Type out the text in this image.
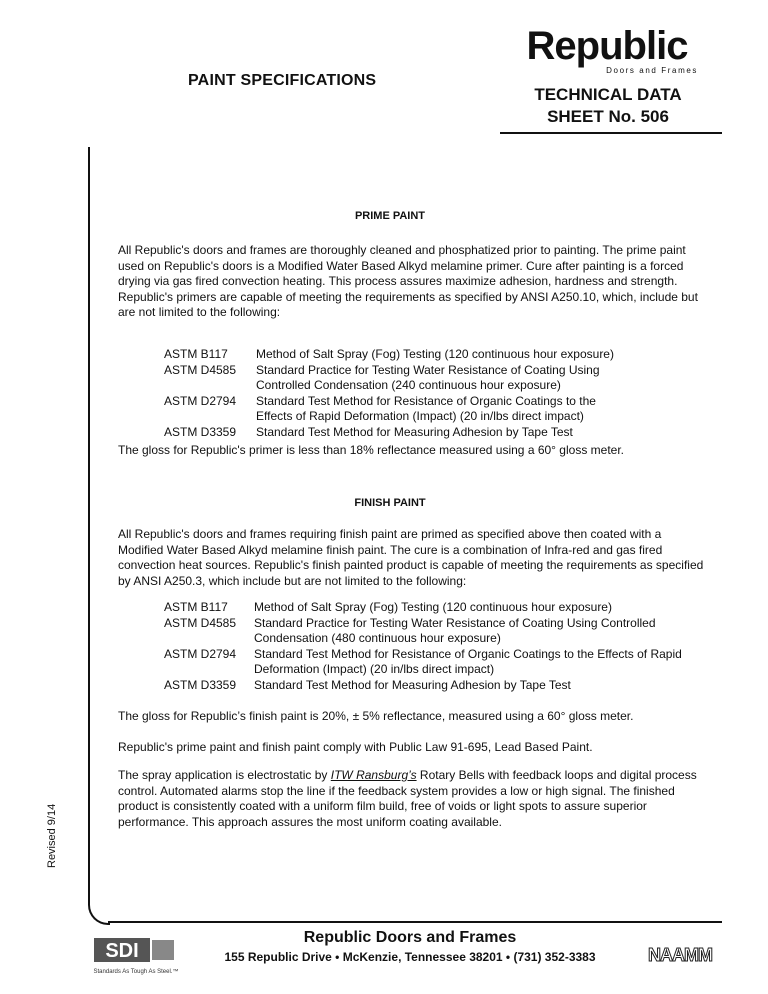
PAINT SPECIFICATIONS
Republic
Doors and Frames
TECHNICAL DATA
SHEET No. 506
Revised 9/14
PRIME PAINT
All Republic's doors and frames are thoroughly cleaned and phosphatized prior to painting. The prime paint used on Republic's doors is a Modified Water Based Alkyd melamine primer. Cure after painting is a forced drying via gas fired convection heating. This process assures maximize adhesion, hardness and strength. Republic's primers are capable of meeting the requirements as specified by ANSI A250.10, which, include but are not limited to the following:
ASTM B117	Method of Salt Spray (Fog) Testing (120 continuous hour exposure)
ASTM D4585	Standard Practice for Testing Water Resistance of Coating Using Controlled Condensation (240 continuous hour exposure)
ASTM D2794	Standard Test Method for Resistance of Organic Coatings to the Effects of Rapid Deformation (Impact) (20 in/lbs direct impact)
ASTM D3359	Standard Test Method for Measuring Adhesion by Tape Test
The gloss for Republic's primer is less than 18% reflectance measured using a 60° gloss meter.
FINISH PAINT
All Republic's doors and frames requiring finish paint are primed as specified above then coated with a Modified Water Based Alkyd melamine finish paint. The cure is a combination of Infra-red and gas fired convection heat sources. Republic's finish painted product is capable of meeting the requirements as specified by ANSI A250.3, which include but are not limited to the following:
ASTM B117	Method of Salt Spray (Fog) Testing (120 continuous hour exposure)
ASTM D4585	Standard Practice for Testing Water Resistance of Coating Using Controlled Condensation (480 continuous hour exposure)
ASTM D2794	Standard Test Method for Resistance of Organic Coatings to the Effects of Rapid Deformation (Impact) (20 in/lbs direct impact)
ASTM D3359	Standard Test Method for Measuring Adhesion by Tape Test
The gloss for Republic’s finish paint is 20%, ± 5% reflectance, measured using a 60° gloss meter.
Republic's prime paint and finish paint comply with Public Law 91-695, Lead Based Paint.
The spray application is electrostatic by ITW Ransburg’s Rotary Bells with feedback loops and digital process control. Automated alarms stop the line if the feedback system provides a low or high signal. The finished product is consistently coated with a uniform film build, free of voids or light spots to assure superior performance. This approach assures the most uniform coating available.
SDI
Standards As Tough As Steel.™
Republic Doors and Frames
155 Republic Drive • McKenzie, Tennessee 38201 • (731) 352-3383	NAAMM
